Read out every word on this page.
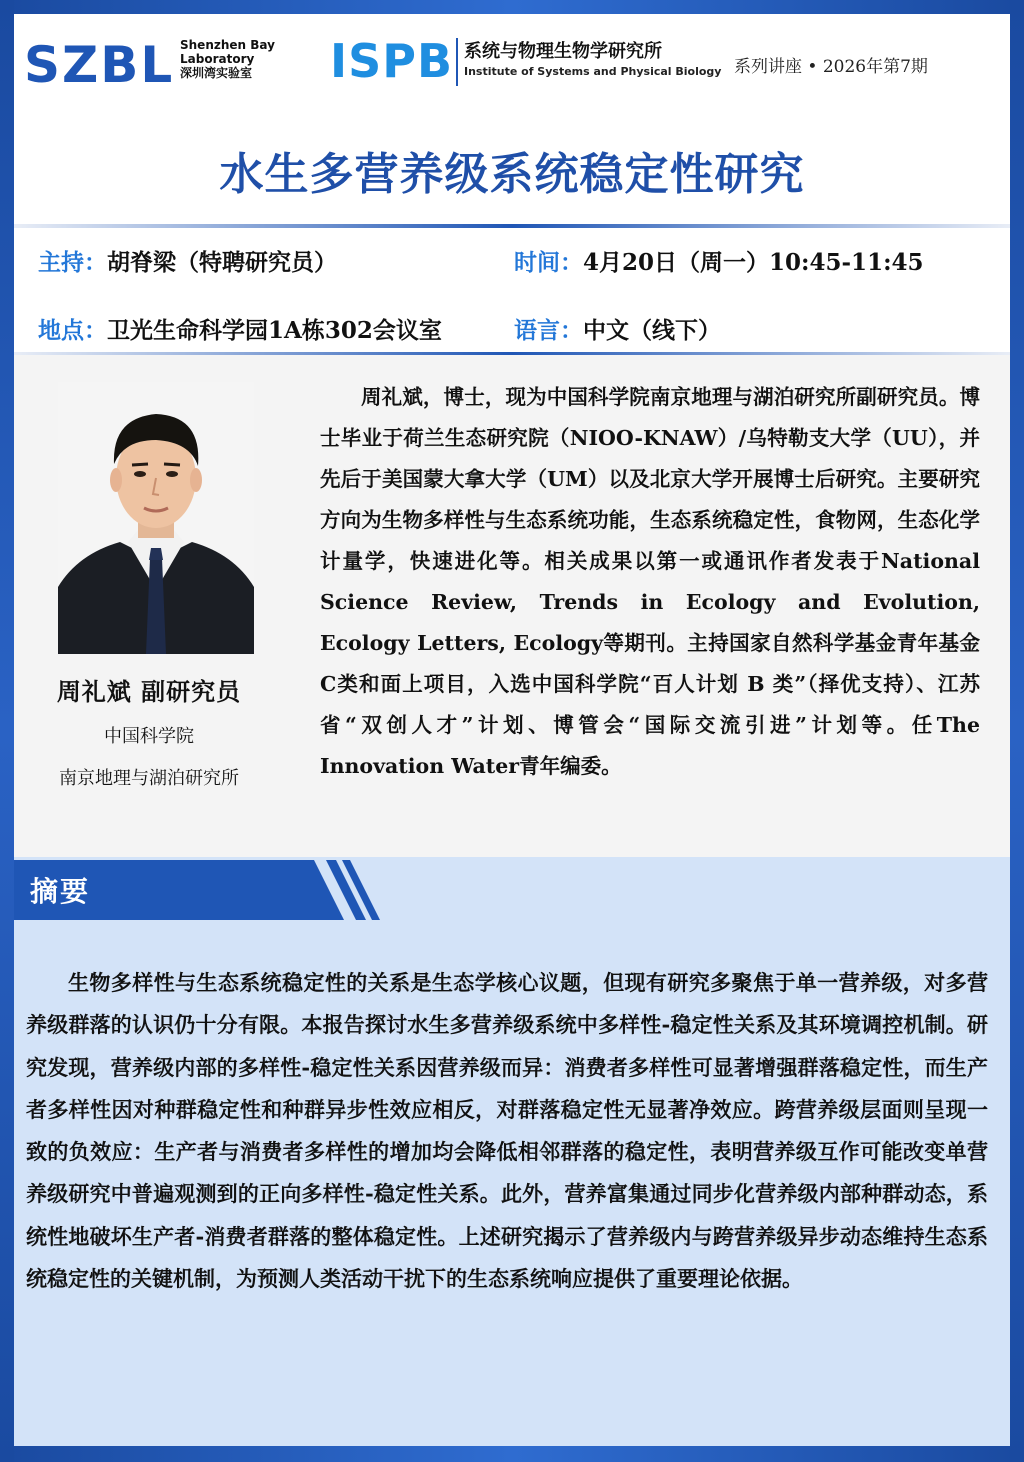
SZBL Shenzhen Bay
Laboratory
深圳湾实验室	ISPB 系统与物理生物学研究所
Institute of Systems and Physical Biology 系列讲座 • 2026年第7期
水生多营养级系统稳定性研究
主持：胡脊梁（特聘研究员）	时间：4月20日（周一）10:45-11:45
地点：卫光生命科学园1A栋302会议室	语言：中文（线下）
周礼斌 副研究员
中国科学院
南京地理与湖泊研究所
周礼斌，博士，现为中国科学院南京地理与湖泊研究所副研究员。博士毕业于荷兰生态研究院（NIOO-KNAW）/乌特勒支大学（UU），并先后于美国蒙大拿大学（UM）以及北京大学开展博士后研究。主要研究方向为生物多样性与生态系统功能，生态系统稳定性，食物网，生态化学计量学，快速进化等。相关成果以第一或通讯作者发表于National Science Review, Trends in Ecology and Evolution, Ecology Letters, Ecology等期刊。主持国家自然科学基金青年基金C类和面上项目，入选中国科学院“百人计划 B 类”（择优支持）、江苏省“双创人才”计划、博管会“国际交流引进”计划等。任The Innovation Water青年编委。
摘要
生物多样性与生态系统稳定性的关系是生态学核心议题，但现有研究多聚焦于单一营养级，对多营养级群落的认识仍十分有限。本报告探讨水生多营养级系统中多样性-稳定性关系及其环境调控机制。研究发现，营养级内部的多样性-稳定性关系因营养级而异：消费者多样性可显著增强群落稳定性，而生产者多样性因对种群稳定性和种群异步性效应相反，对群落稳定性无显著净效应。跨营养级层面则呈现一致的负效应：生产者与消费者多样性的增加均会降低相邻群落的稳定性，表明营养级互作可能改变单营养级研究中普遍观测到的正向多样性-稳定性关系。此外，营养富集通过同步化营养级内部种群动态，系统性地破坏生产者-消费者群落的整体稳定性。上述研究揭示了营养级内与跨营养级异步动态维持生态系统稳定性的关键机制，为预测人类活动干扰下的生态系统响应提供了重要理论依据。
